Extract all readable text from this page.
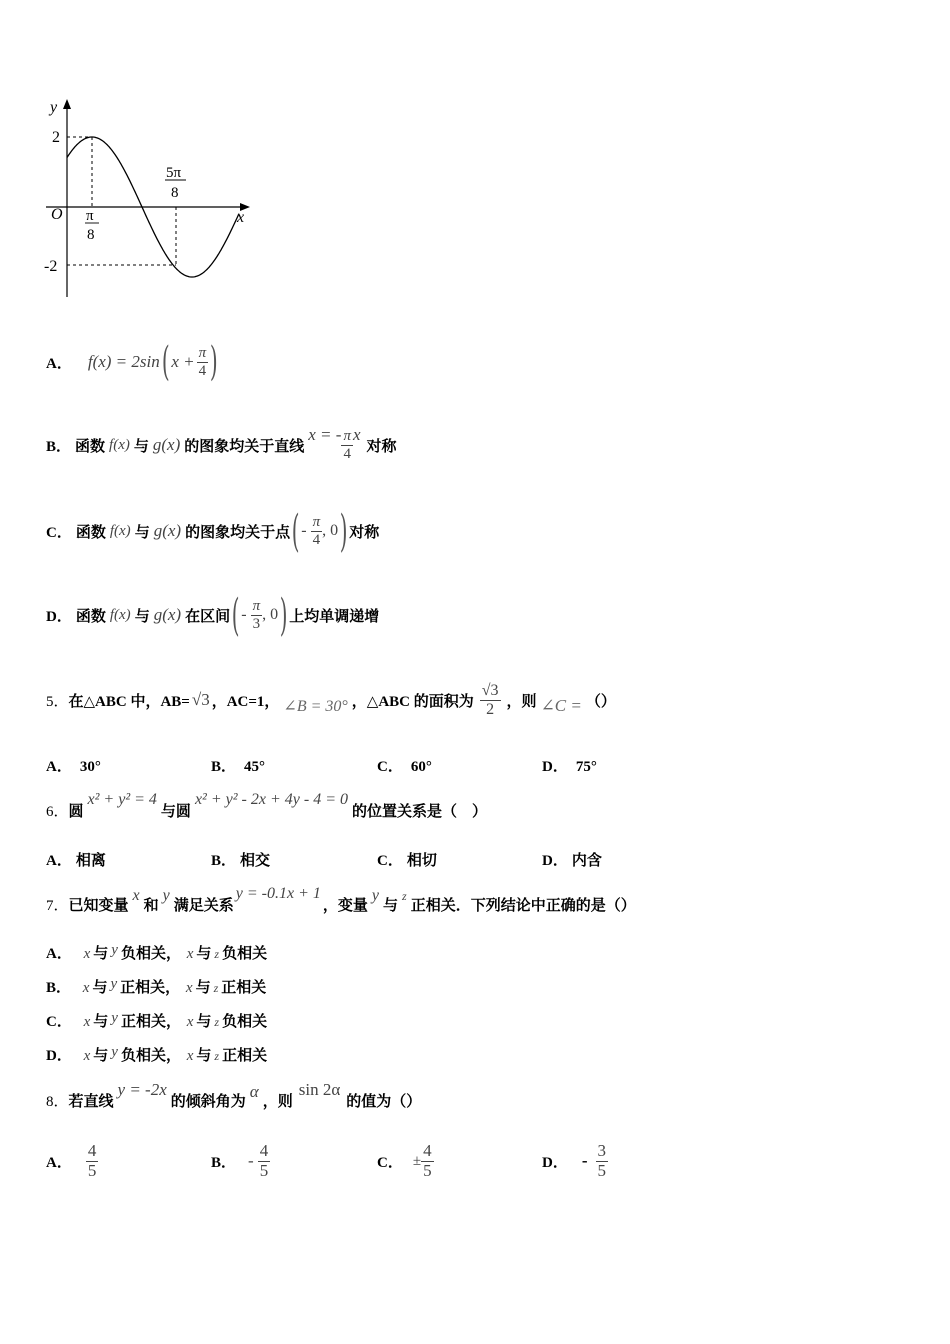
y
x
O
2
-2
π
8
5π
8
A． f(x) = 2sin ( $x + \frac{\pi}{4}$ )
B． 函数 f(x) 与 g(x) 的图象均关于直线
x = - $\frac{\pi}{4}$ x
对称
C． 函数 f(x) 与 g(x) 的图象均关于点 ( - $\frac{\pi}{4}$ , 0 ) 对称
D． 函数 f(x) 与 g(x) 在区间 ( - $\frac{\pi}{3}$ , 0 ) 上均单调递增
5． 在△ABC 中，AB= √3 ，AC=1， ∠B = 30° ，△ABC 的面积为 $\frac{√3}{2}$ ，则 ∠C = （）
A． 30°	B． 45°	C． 60°	D． 75°
6． 圆
x² + y² = 4
与圆
x² + y² - 2x + 4y - 4 = 0
的位置关系是（　）
A． 相离	B． 相交	C． 相切	D． 内含
7． 已知变量
x
和
y
满足关系
y = -0.1x + 1
，变量
y
与
z
正相关．下列结论中正确的是（）
A． x 与 y 负相关， x 与 z 负相关
B． x 与 y 正相关， x 与 z 正相关
C． x 与 y 正相关， x 与 z 负相关
D． x 与 y 负相关， x 与 z 正相关
8． 若直线
y = -2x
的倾斜角为
α
，则
sin 2α
的值为（）
A． $\frac{4}{5}$	B． - $\frac{4}{5}$	C． ± $\frac{4}{5}$	D． - $\frac{3}{5}$
